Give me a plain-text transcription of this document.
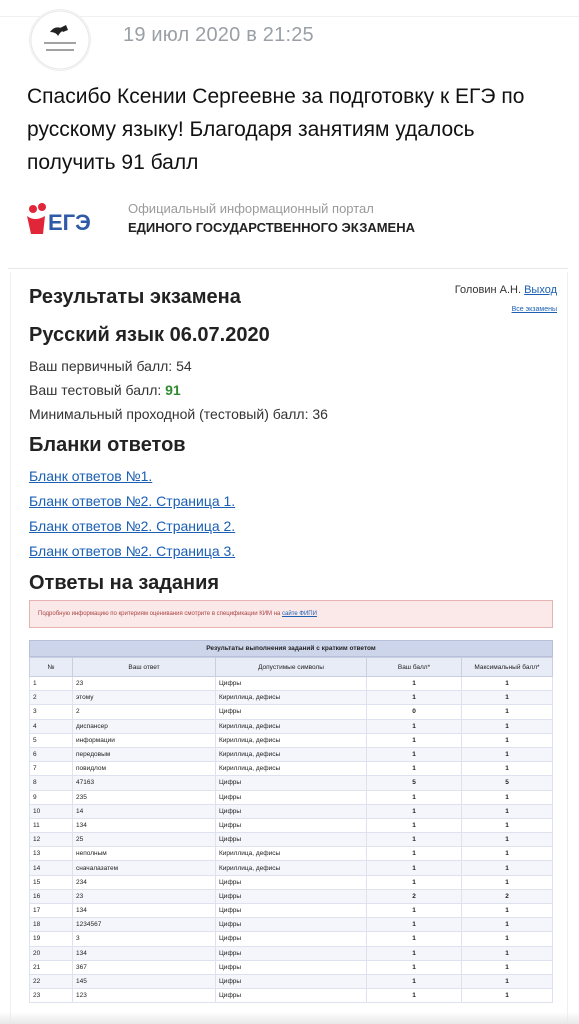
19 июл 2020 в 21:25
Спасибо Ксении Сергеевне за подготовку к ЕГЭ по русскому языку! Благодаря занятиям удалось получить 91 балл
ЕГЭ
Официальный информационный портал
ЕДИНОГО ГОСУДАРСТВЕННОГО ЭКЗАМЕНА
Результаты экзамена	Головин А.Н. Выход
Все экзамены
Русский язык 06.07.2020
Ваш первичный балл: 54
Ваш тестовый балл: 91
Минимальный проходной (тестовый) балл: 36
Бланки ответов
Бланк ответов №1.
Бланк ответов №2. Страница 1.
Бланк ответов №2. Страница 2.
Бланк ответов №2. Страница 3.
Ответы на задания
Подробную информацию по критериям оценивания смотрите в спецификации КИМ на сайте ФИПИ
Результаты выполнения заданий с кратким ответом
№	Ваш ответ	Допустимые символы	Ваш балл*	Максимальный балл*
1	23	Цифры	1	1
2	этому	Кириллица, дефисы	1	1
3	2	Цифры	0	1
4	диспансер	Кириллица, дефисы	1	1
5	информации	Кириллица, дефисы	1	1
6	передовым	Кириллица, дефисы	1	1
7	повидлом	Кириллица, дефисы	1	1
8	47163	Цифры	5	5
9	235	Цифры	1	1
10	14	Цифры	1	1
11	134	Цифры	1	1
12	25	Цифры	1	1
13	неполным	Кириллица, дефисы	1	1
14	сначалазатем	Кириллица, дефисы	1	1
15	234	Цифры	1	1
16	23	Цифры	2	2
17	134	Цифры	1	1
18	1234567	Цифры	1	1
19	3	Цифры	1	1
20	134	Цифры	1	1
21	367	Цифры	1	1
22	145	Цифры	1	1
23	123	Цифры	1	1
